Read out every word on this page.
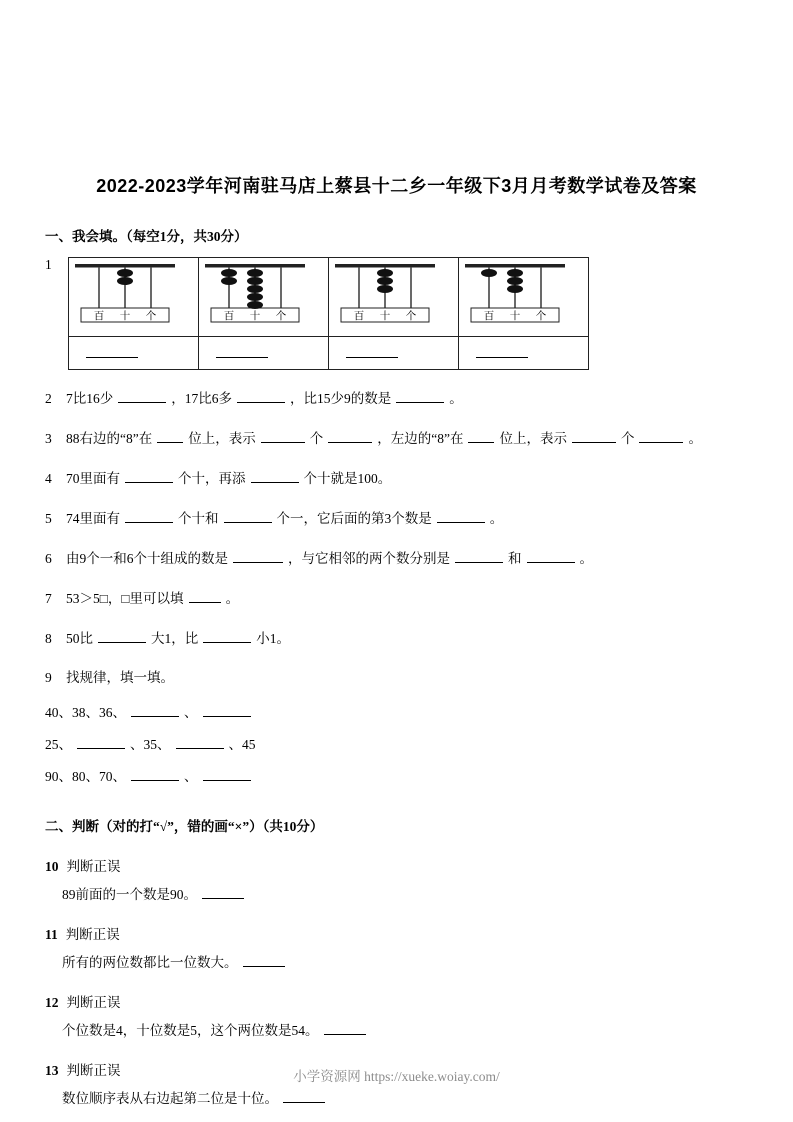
2022-2023学年河南驻马店上蔡县十二乡一年级下3月月考数学试卷及答案
一、我会填。（每空1分，共30分）
1
百 十 个	百 十 个	百 十 个	百 十 个

2	7比16少	，17比6多	，比15少9的数是	。
3	88右边的“8”在	位上，表示	个	，左边的“8”在	位上，表示	个	。
4	70里面有	个十，再添	个十就是100。
5	74里面有	个十和	个一，它后面的第3个数是	。
6	由9个一和6个十组成的数是	，与它相邻的两个数分别是	和	。
7	53＞5□，□里可以填	。
8	50比	大1，比	小1。
9	找规律，填一填。
40、38、36、	、
25、	、35、	、45
90、80、70、	、
二、判断（对的打“√”，错的画“×”）（共10分）
10 判断正误
89前面的一个数是90。
11 判断正误
所有的两位数都比一位数大。
12 判断正误
个位数是4，十位数是5，这个两位数是54。
13 判断正误
数位顺序表从右边起第二位是十位。
小学资源网 https://xueke.woiay.com/
